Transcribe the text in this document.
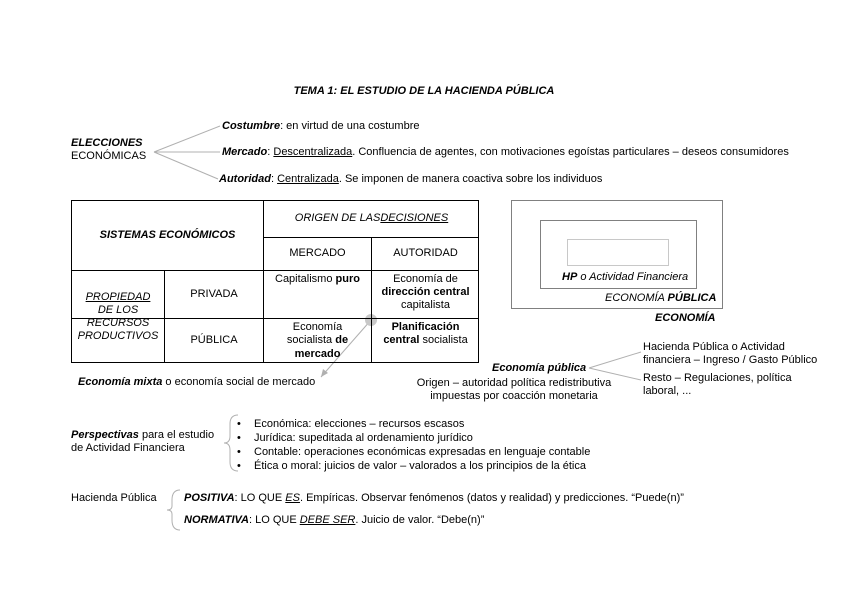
TEMA 1: EL ESTUDIO DE LA HACIENDA PÚBLICA
ELECCIONES
ECONÓMICAS
Costumbre: en virtud de una costumbre
Mercado: Descentralizada. Confluencia de agentes, con motivaciones egoístas particulares – deseos consumidores
Autoridad: Centralizada. Se imponen de manera coactiva sobre los individuos
SISTEMAS ECONÓMICOS
ORIGEN DE LAS DECISIONES
MERCADO	AUTORIDAD
PROPIEDAD
DE LOS
RECURSOS
PRODUCTIVOS
PRIVADA
PÚBLICA
Capitalismo puro	Economía de
dirección central
capitalista
Economía
socialista de
mercado
Planificación
central socialista
Economía mixta o economía social de mercado
HP o Actividad Financiera
ECONOMÍA PÚBLICA
ECONOMÍA
Economía pública
Origen – autoridad política redistributiva
impuestas por coacción monetaria
Hacienda Pública o Actividad
financiera – Ingreso / Gasto Público
Resto – Regulaciones, política
laboral, ...
Perspectivas para el estudio
de Actividad Financiera
• Económica: elecciones – recursos escasos
• Jurídica: supeditada al ordenamiento jurídico
• Contable: operaciones económicas expresadas en lenguaje contable
• Ética o moral: juicios de valor – valorados a los principios de la ética
Hacienda Pública POSITIVA: LO QUE ES. Empíricas. Observar fenómenos (datos y realidad) y predicciones. “Puede(n)”
NORMATIVA: LO QUE DEBE SER. Juicio de valor. “Debe(n)”
